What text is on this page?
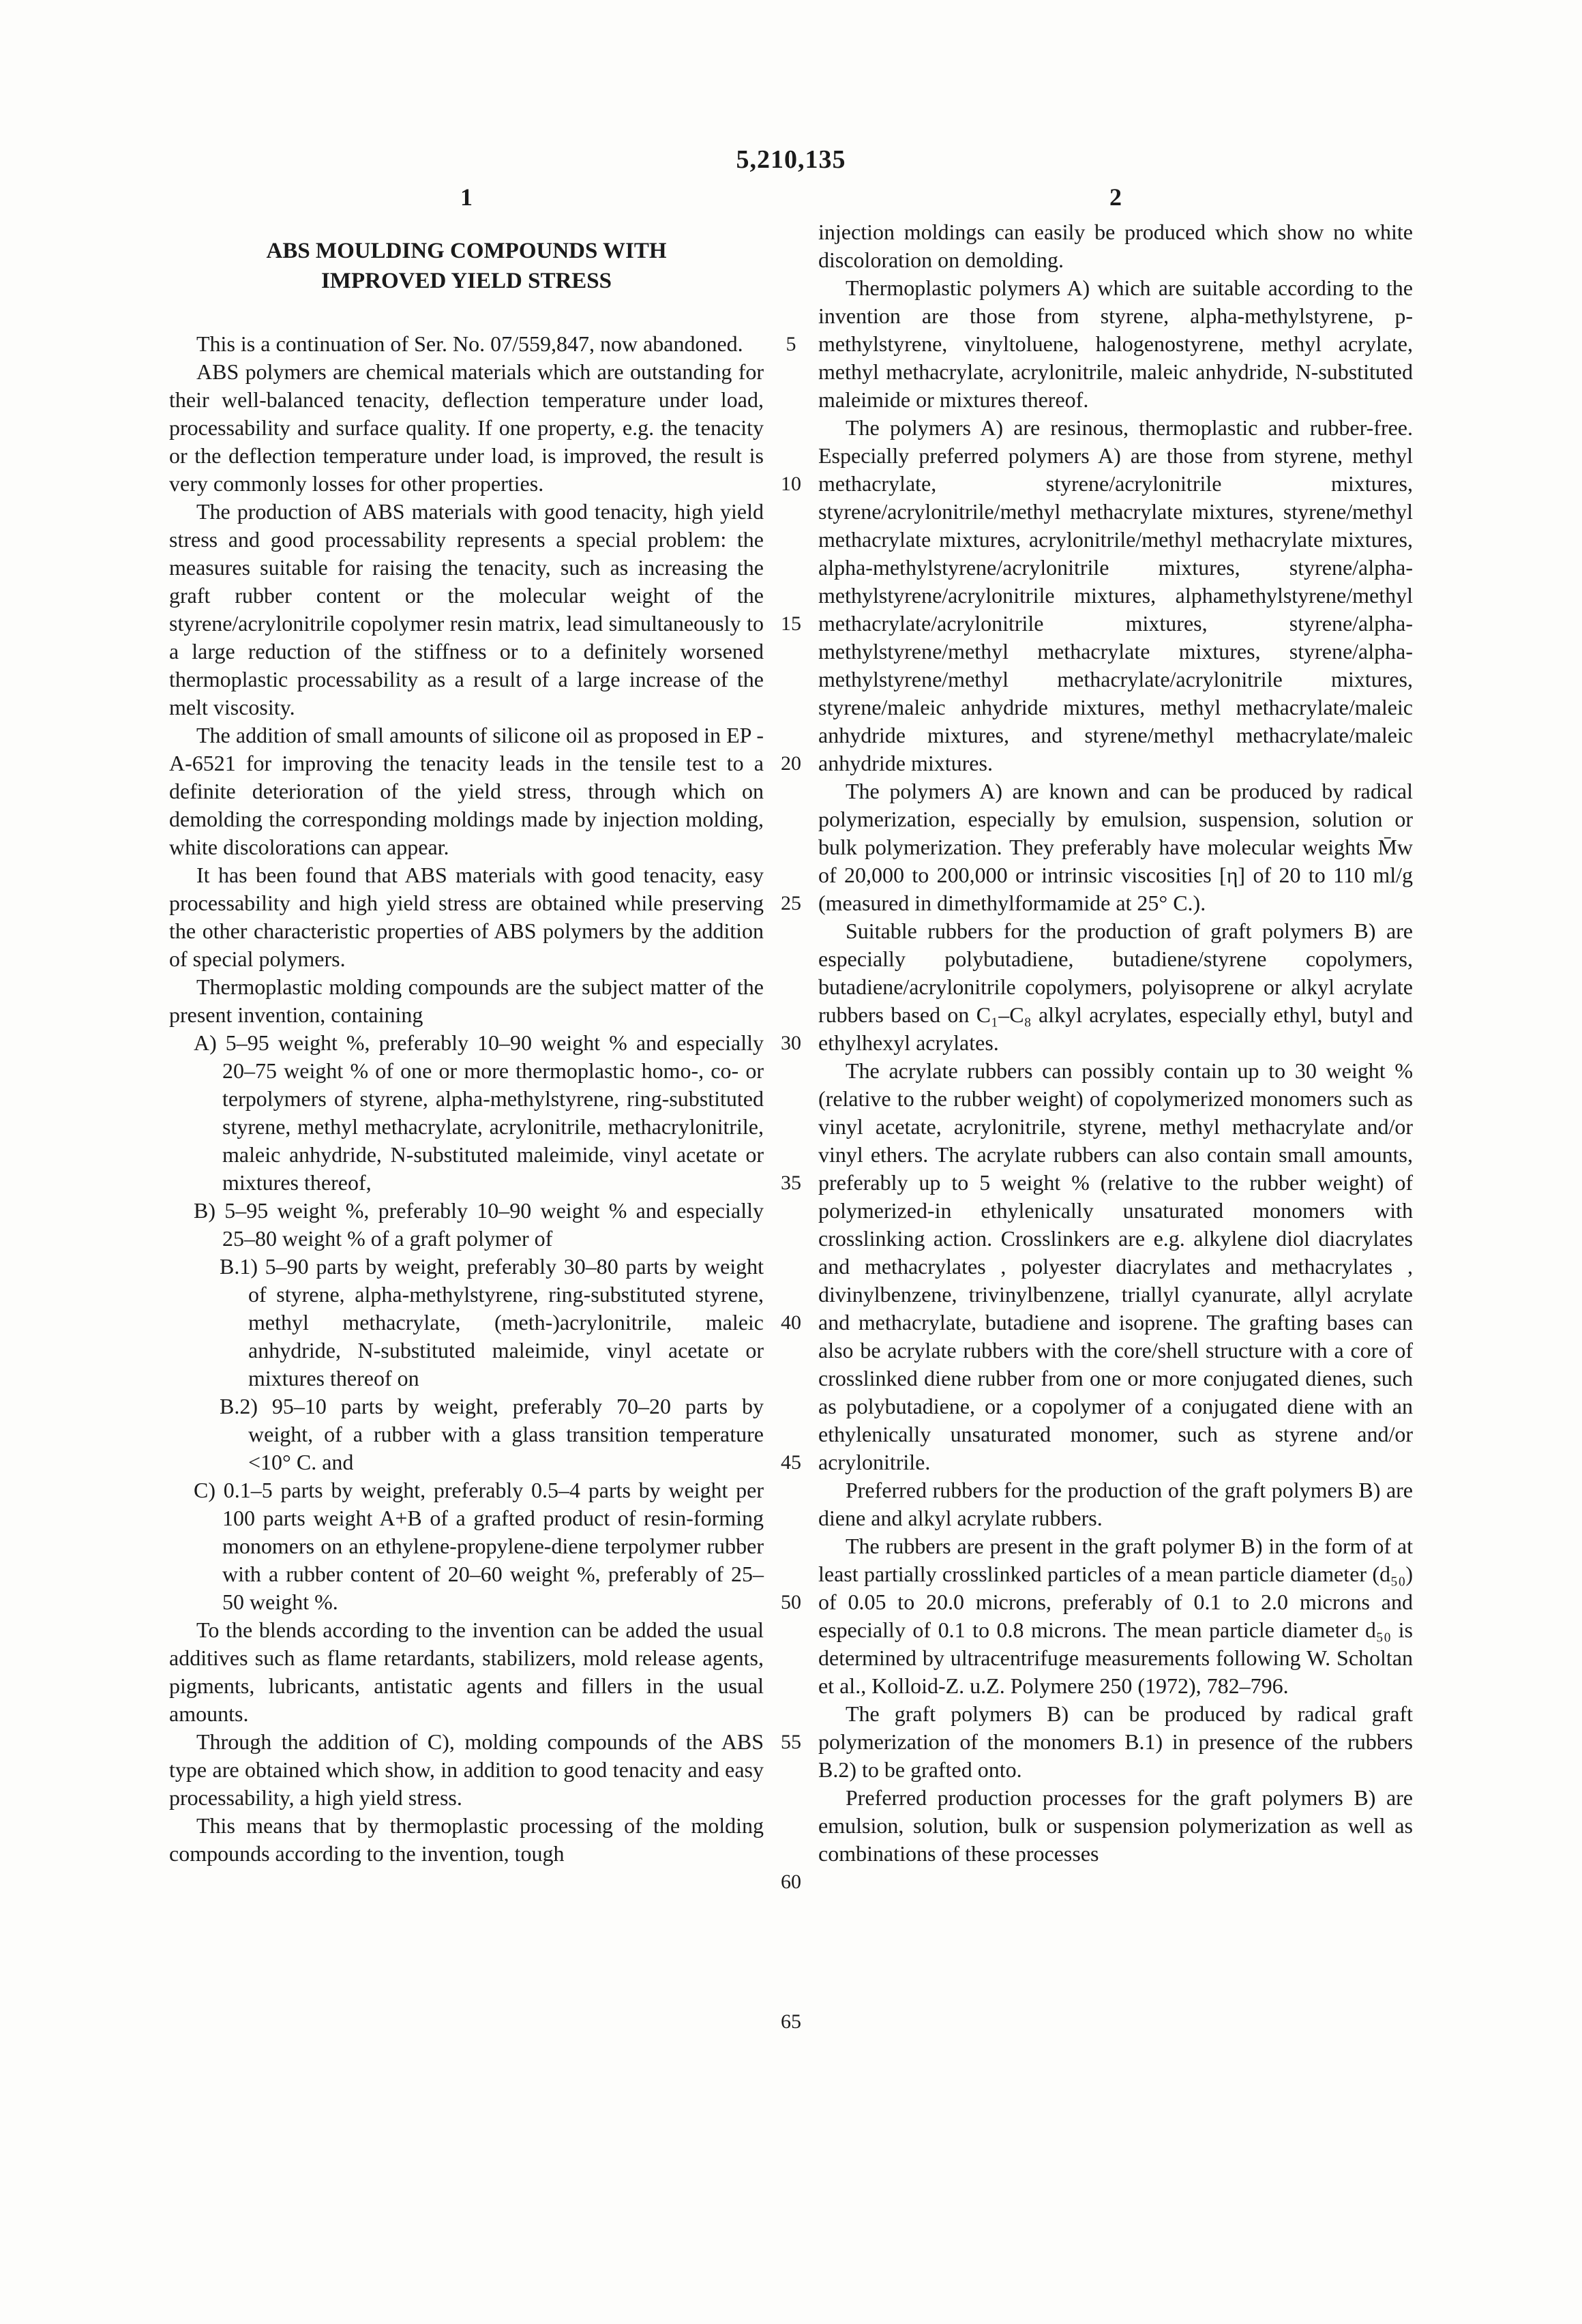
5,210,135
1	2
ABS MOULDING COMPOUNDS WITH
IMPROVED YIELD STRESS

This is a continuation of Ser. No. 07/559,847, now abandoned.

ABS polymers are chemical materials which are outstanding for their well-balanced tenacity, deflection temperature under load, processability and surface quality. If one property, e.g. the tenacity or the deflection temperature under load, is improved, the result is very commonly losses for other properties.

The production of ABS materials with good tenacity, high yield stress and good processability represents a special problem: the measures suitable for raising the tenacity, such as increasing the graft rubber content or the molecular weight of the styrene/acrylonitrile copolymer resin matrix, lead simultaneously to a large reduction of the stiffness or to a definitely worsened thermoplastic processability as a result of a large increase of the melt viscosity.

The addition of small amounts of silicone oil as proposed in EP -A-6521 for improving the tenacity leads in the tensile test to a definite deterioration of the yield stress, through which on demolding the corresponding moldings made by injection molding, white discolorations can appear.

It has been found that ABS materials with good tenacity, easy processability and high yield stress are obtained while preserving the other characteristic properties of ABS polymers by the addition of special polymers.

Thermoplastic molding compounds are the subject matter of the present invention, containing

A) 5–95 weight %, preferably 10–90 weight % and especially 20–75 weight % of one or more thermoplastic homo-, co- or terpolymers of styrene, alpha-methylstyrene, ring-substituted styrene, methyl methacrylate, acrylonitrile, methacrylonitrile, maleic anhydride, N-substituted maleimide, vinyl acetate or mixtures thereof,

B) 5–95 weight %, preferably 10–90 weight % and especially 25–80 weight % of a graft polymer of

B.1) 5–90 parts by weight, preferably 30–80 parts by weight of styrene, alpha-methylstyrene, ring-substituted styrene, methyl methacrylate, (meth-)acrylonitrile, maleic anhydride, N-substituted maleimide, vinyl acetate or mixtures thereof on

B.2) 95–10 parts by weight, preferably 70–20 parts by weight, of a rubber with a glass transition temperature <10° C. and

C) 0.1–5 parts by weight, preferably 0.5–4 parts by weight per 100 parts weight A+B of a grafted product of resin-forming monomers on an ethylene-propylene-diene terpolymer rubber with a rubber content of 20–60 weight %, preferably of 25–50 weight %.

To the blends according to the invention can be added the usual additives such as flame retardants, stabilizers, mold release agents, pigments, lubricants, antistatic agents and fillers in the usual amounts.

Through the addition of C), molding compounds of the ABS type are obtained which show, in addition to good tenacity and easy processability, a high yield stress.

This means that by thermoplastic processing of the molding compounds according to the invention, tough

5
10
15
20
25
30
35
40
45
50
55
60
65

injection moldings can easily be produced which show no white discoloration on demolding.

Thermoplastic polymers A) which are suitable according to the invention are those from styrene, alpha-methylstyrene, p-methylstyrene, vinyltoluene, halogenostyrene, methyl acrylate, methyl methacrylate, acrylonitrile, maleic anhydride, N-substituted maleimide or mixtures thereof.

The polymers A) are resinous, thermoplastic and rubber-free. Especially preferred polymers A) are those from styrene, methyl methacrylate, styrene/acrylonitrile mixtures, styrene/acrylonitrile/methyl methacrylate mixtures, styrene/methyl methacrylate mixtures, acrylonitrile/methyl methacrylate mixtures, alpha-methylstyrene/acrylonitrile mixtures, styrene/alpha-methylstyrene/acrylonitrile mixtures, alphamethylstyrene/methyl methacrylate/acrylonitrile mixtures, styrene/alpha-methylstyrene/methyl methacrylate mixtures, styrene/alpha-methylstyrene/methyl methacrylate/acrylonitrile mixtures, styrene/maleic anhydride mixtures, methyl methacrylate/maleic anhydride mixtures, and styrene/methyl methacrylate/maleic anhydride mixtures.

The polymers A) are known and can be produced by radical polymerization, especially by emulsion, suspension, solution or bulk polymerization. They preferably have molecular weights M̄w of 20,000 to 200,000 or intrinsic viscosities [η] of 20 to 110 ml/g (measured in dimethylformamide at 25° C.).

Suitable rubbers for the production of graft polymers B) are especially polybutadiene, butadiene/styrene copolymers, butadiene/acrylonitrile copolymers, polyisoprene or alkyl acrylate rubbers based on C₁–C₈ alkyl acrylates, especially ethyl, butyl and ethylhexyl acrylates.

The acrylate rubbers can possibly contain up to 30 weight % (relative to the rubber weight) of copolymerized monomers such as vinyl acetate, acrylonitrile, styrene, methyl methacrylate and/or vinyl ethers. The acrylate rubbers can also contain small amounts, preferably up to 5 weight % (relative to the rubber weight) of polymerized-in ethylenically unsaturated monomers with crosslinking action. Crosslinkers are e.g. alkylene diol diacrylates and methacrylates , polyester diacrylates and methacrylates , divinylbenzene, trivinylbenzene, triallyl cyanurate, allyl acrylate and methacrylate, butadiene and isoprene. The grafting bases can also be acrylate rubbers with the core/shell structure with a core of crosslinked diene rubber from one or more conjugated dienes, such as polybutadiene, or a copolymer of a conjugated diene with an ethylenically unsaturated monomer, such as styrene and/or acrylonitrile.

Preferred rubbers for the production of the graft polymers B) are diene and alkyl acrylate rubbers.

The rubbers are present in the graft polymer B) in the form of at least partially crosslinked particles of a mean particle diameter (d₅₀) of 0.05 to 20.0 microns, preferably of 0.1 to 2.0 microns and especially of 0.1 to 0.8 microns. The mean particle diameter d₅₀ is determined by ultracentrifuge measurements following W. Scholtan et al., Kolloid-Z. u.Z. Polymere 250 (1972), 782–796.

The graft polymers B) can be produced by radical graft polymerization of the monomers B.1) in presence of the rubbers B.2) to be grafted onto.

Preferred production processes for the graft polymers B) are emulsion, solution, bulk or suspension polymerization as well as combinations of these processes
